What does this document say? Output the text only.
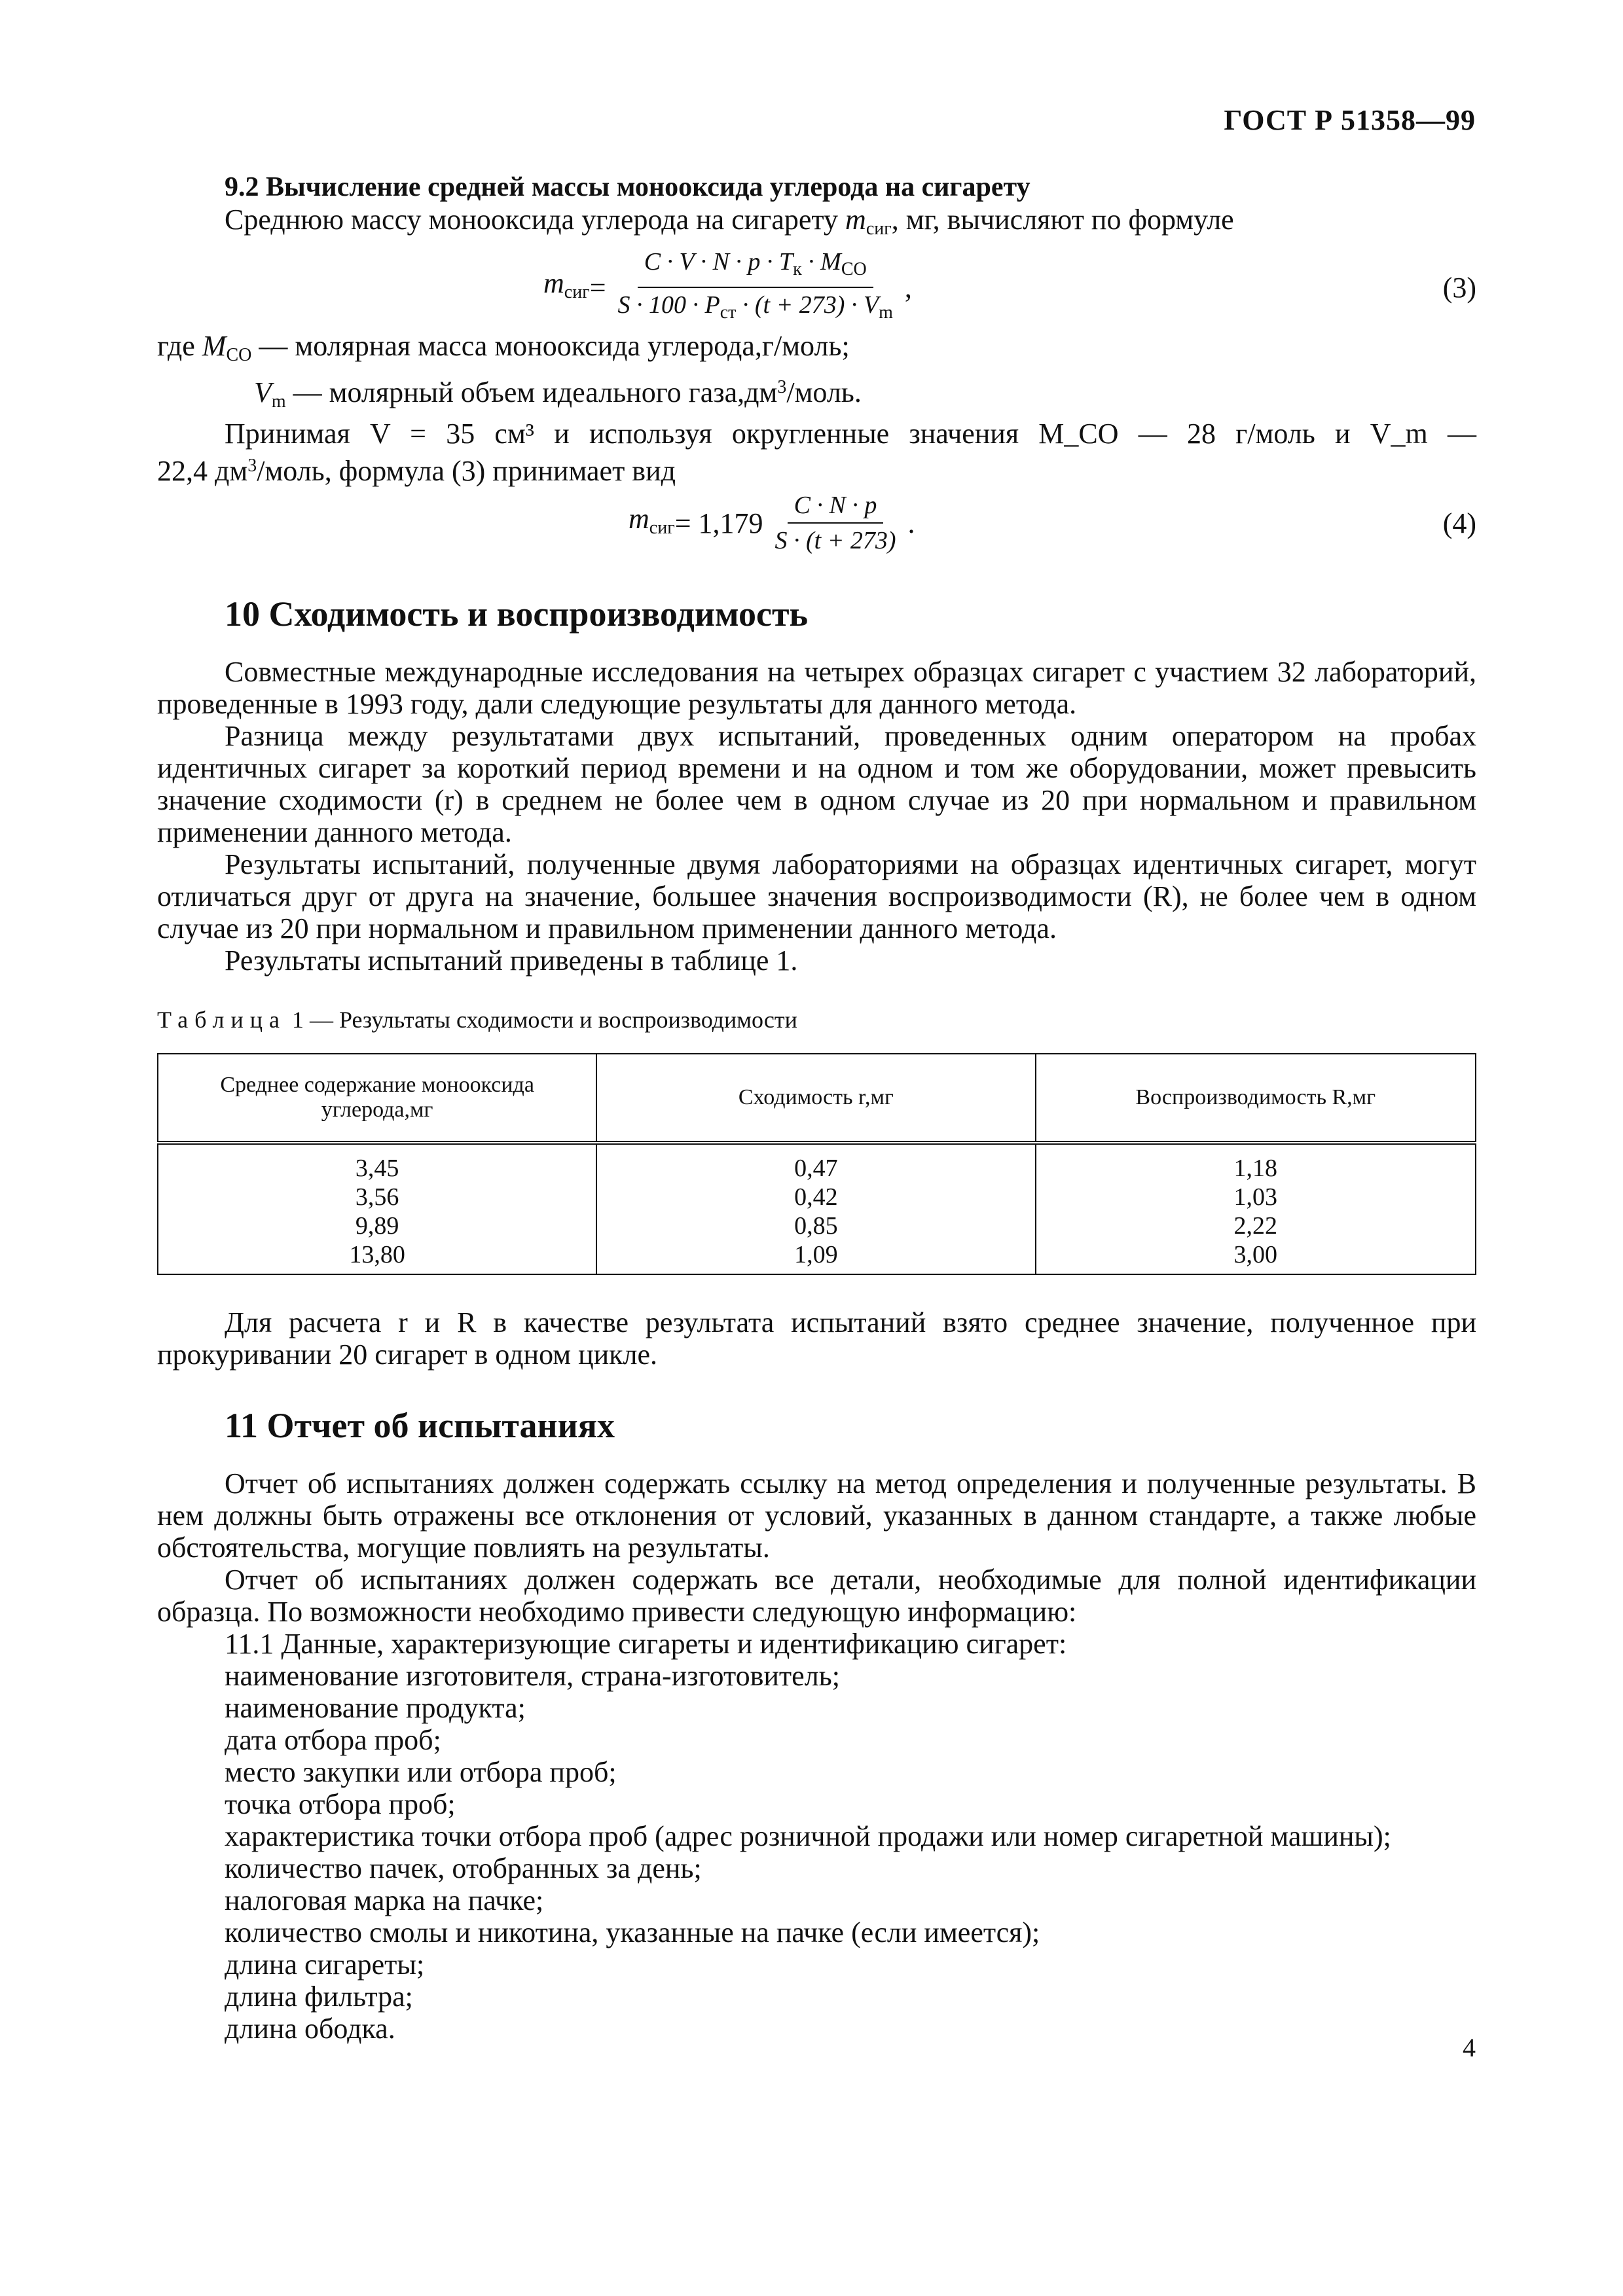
ГОСТ Р 51358—99
9.2 Вычисление средней массы монооксида углерода на сигарету

Среднюю массу монооксида углерода на сигарету $m_{сиг}$, мг, вычисляют по формуле

$m_{сиг} = \frac{C \cdot V \cdot N \cdot p \cdot T_к \cdot M_{CO}}{S \cdot 100 \cdot P_{ст} \cdot (t + 273) \cdot V_m}$ ,	(3)

где $M_{CO}$ — молярная масса монооксида углерода,г/моль;

$V_m$ — молярный объем идеального $газа,дм^3$/моль.

Принимая V = 35 см³ и используя округленные значения M_CO — 28 г/моль и V_m —

22,4 $дм^3$/моль, формула (3) принимает вид

$m_{сиг} = 1,179 \frac{C \cdot N \cdot p}{S \cdot (t + 273)}$ .	(4)
10 Сходимость и воспроизводимость

Совместные международные исследования на четырех образцах сигарет с участием 32 лабораторий, проведенные в 1993 году, дали следующие результаты для данного метода.

Разница между результатами двух испытаний, проведенных одним оператором на пробах идентичных сигарет за короткий период времени и на одном и том же оборудовании, может превысить значение сходимости (r) в среднем не более чем в одном случае из 20 при нормальном и правильном применении данного метода.

Результаты испытаний, полученные двумя лабораториями на образцах идентичных сигарет, могут отличаться друг от друга на значение, большее значения воспроизводимости (R), не более чем в одном случае из 20 при нормальном и правильном применении данного метода.

Результаты испытаний приведены в таблице 1.

Таблица 1 — Результаты сходимости и воспроизводимости
Среднее содержание монооксида углерода,мг	Сходимость r,мг	Воспроизводимость R,мг

3,45	0,47	1,18
3,56	0,42	1,03
9,89	0,85	2,22
13,80	1,09	3,00

Для расчета r и R в качестве результата испытаний взято среднее значение, полученное при прокуривании 20 сигарет в одном цикле.

11 Отчет об испытаниях

Отчет об испытаниях должен содержать ссылку на метод определения и полученные результаты. В нем должны быть отражены все отклонения от условий, указанных в данном стандарте, а также любые обстоятельства, могущие повлиять на результаты.

Отчет об испытаниях должен содержать все детали, необходимые для полной идентификации образца. По возможности необходимо привести следующую информацию:

11.1 Данные, характеризующие сигареты и идентификацию сигарет:

наименование изготовителя, страна-изготовитель;

наименование продукта;

дата отбора проб;

место закупки или отбора проб;

точка отбора проб;

характеристика точки отбора проб (адрес розничной продажи или номер сигаретной машины);

количество пачек, отобранных за день;

налоговая марка на пачке;

количество смолы и никотина, указанные на пачке (если имеется);

длина сигареты;

длина фильтра;

длина ободка.

4
